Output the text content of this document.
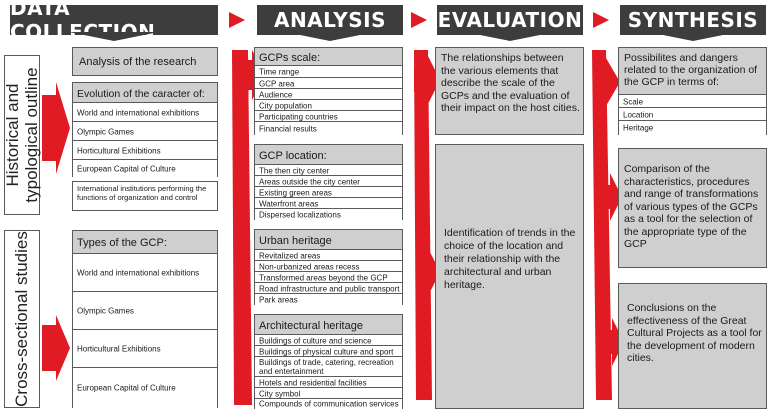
DATA COLLECTION	ANALYSIS	EVALUATION	SYNTHESIS
Historical and typological outline
Cross-sectional studies
Analysis of the research
Evolution of the caracter of:
World and international exhibitions
Olympic Games
Horticultural Exhibitions
European Capital of Culture
International institutions performing the functions of organization and control
Types of the GCP:
World and international exhibitions
Olympic Games
Horticultural Exhibitions
European Capital of Culture
GCPs scale:
Time range
GCP area
Audience
City population
Participating countries
Financial results
GCP location:
The then city center
Areas outside the city center
Existing green areas
Waterfront areas
Dispersed localizations
Urban heritage
Revitalized areas
Non-urbanized areas recess
Transformed areas beyond the GCP
Road infrastructure and public transport
Park areas
Architectural heritage
Buildings of culture and science
Buildings of physical culture and sport
Buildings of trade, catering, recreation and entertainment
Hotels and residential facilities
City symbol
Compounds of communication services
The relationships between the various elements that describe the scale of the GCPs and the evaluation of their impact on the host cities.
Identification of trends in the choice of the location and their relationship with the architectural and urban heritage.
Possibilites and dangers related to the organization of the GCP in terms of:
Scale
Location
Heritage
Comparison of the characteristics, procedures and range of transformations of various types of the GCPs as a tool for the selection of the appropriate type of the GCP
Conclusions on the effectiveness of the Great Cultural Projects as a tool for the development of modern cities.
